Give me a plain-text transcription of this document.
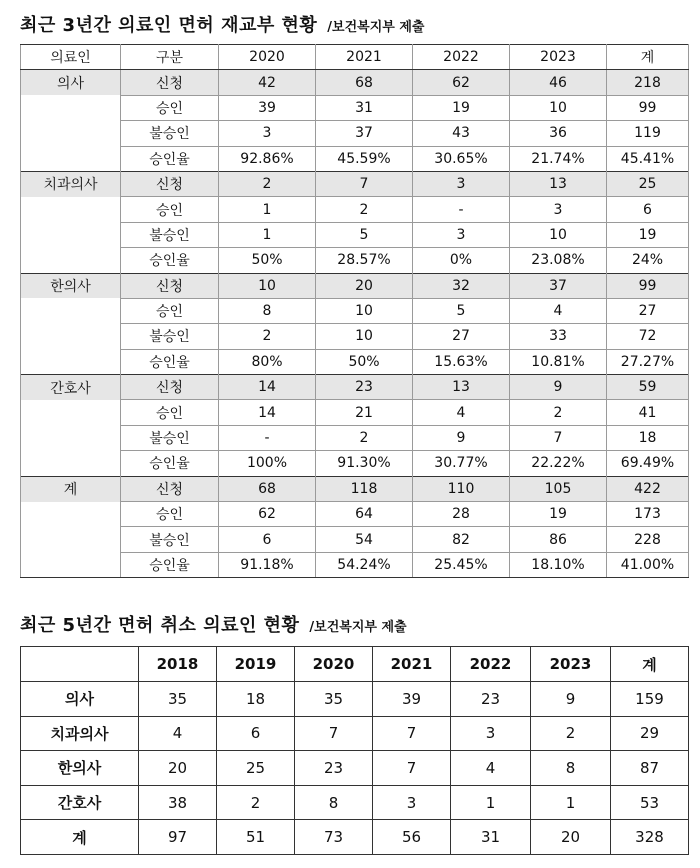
최근 3년간 의료인 면허 재교부 현황 /보건복지부 제출
의료인	구분	2020	2021	2022	2023	계
의사	신청	42	68	62	46	218
	승인	39	31	19	10	99
	불승인	3	37	43	36	119
	승인율	92.86%	45.59%	30.65%	21.74%	45.41%
치과의사	신청	2	7	3	13	25
	승인	1	2	-	3	6
	불승인	1	5	3	10	19
	승인율	50%	28.57%	0%	23.08%	24%
한의사	신청	10	20	32	37	99
	승인	8	10	5	4	27
	불승인	2	10	27	33	72
	승인율	80%	50%	15.63%	10.81%	27.27%
간호사	신청	14	23	13	9	59
	승인	14	21	4	2	41
	불승인	-	2	9	7	18
	승인율	100%	91.30%	30.77%	22.22%	69.49%
계	신청	68	118	110	105	422
	승인	62	64	28	19	173
	불승인	6	54	82	86	228
	승인율	91.18%	54.24%	25.45%	18.10%	41.00%
최근 5년간 면허 취소 의료인 현황 /보건복지부 제출
	2018	2019	2020	2021	2022	2023	계
의사	35	18	35	39	23	9	159
치과의사	4	6	7	7	3	2	29
한의사	20	25	23	7	4	8	87
간호사	38	2	8	3	1	1	53
계	97	51	73	56	31	20	328
